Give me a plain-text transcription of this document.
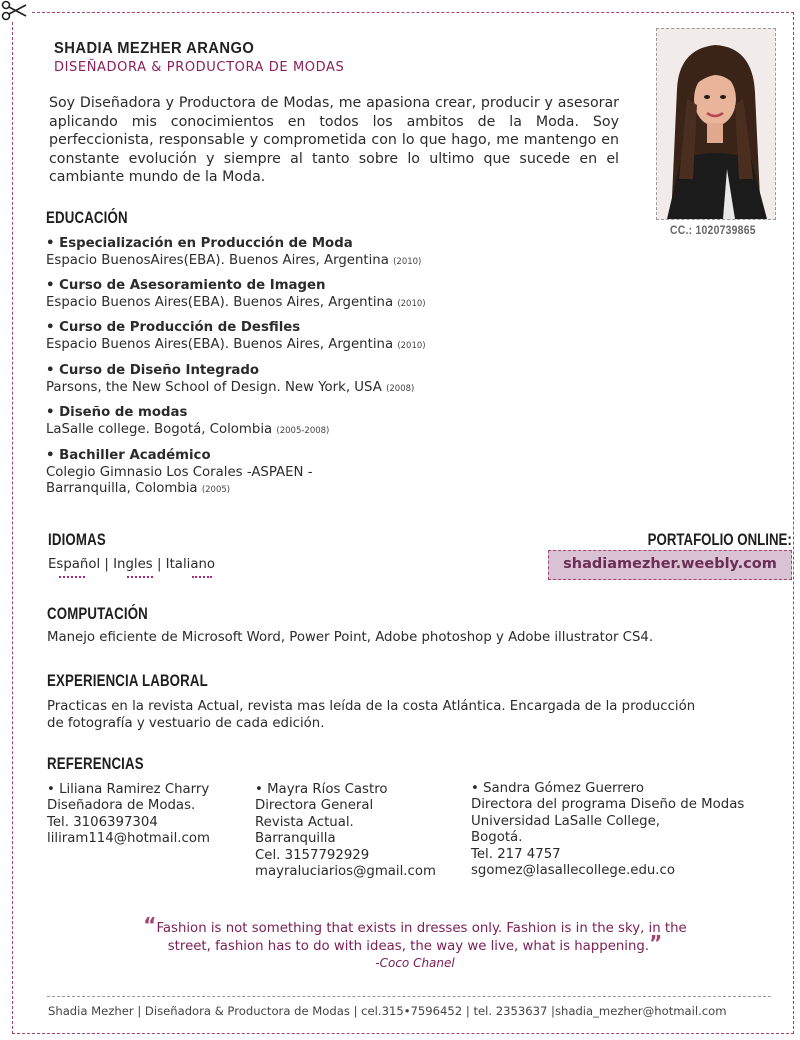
SHADIA MEZHER ARANGO
DISEÑADORA & PRODUCTORA DE MODAS
Soy Diseñadora y Productora de Modas, me apasiona crear, producir y asesorar aplicando mis conocimientos en todos los ambitos de la Moda. Soy perfeccionista, responsable y comprometida con lo que hago, me mantengo en constante evolución y siempre al tanto sobre lo ultimo que sucede en el cambiante mundo de la Moda.
CC.: 1020739865
EDUCACIÓN
• Especialización en Producción de Moda
Espacio BuenosAires(EBA). Buenos Aires, Argentina (2010)
• Curso de Asesoramiento de Imagen
Espacio Buenos Aires(EBA). Buenos Aires, Argentina (2010)
• Curso de Producción de Desfiles
Espacio Buenos Aires(EBA). Buenos Aires, Argentina (2010)
• Curso de Diseño Integrado
Parsons, the New School of Design. New York, USA (2008)
• Diseño de modas
LaSalle college. Bogotá, Colombia (2005-2008)
• Bachiller Académico
Colegio Gimnasio Los Corales -ASPAEN -
Barranquilla, Colombia (2005)
IDIOMAS
Español | Ingles | Italiano
PORTAFOLIO ONLINE:
shadiamezher.weebly.com
COMPUTACIÓN
Manejo eficiente de Microsoft Word, Power Point, Adobe photoshop y Adobe illustrator CS4.
EXPERIENCIA LABORAL
Practicas en la revista Actual, revista mas leída de la costa Atlántica. Encargada de la producción
de fotografía y vestuario de cada edición.
REFERENCIAS
• Liliana Ramirez Charry
Diseñadora de Modas.
Tel. 3106397304
liliram114@hotmail.com
• Mayra Ríos Castro
Directora General
Revista Actual.
Barranquilla
Cel. 3157792929
mayraluciarios@gmail.com
• Sandra Gómez Guerrero
Directora del programa Diseño de Modas
Universidad LaSalle College,
Bogotá.
Tel. 217 4757
sgomez@lasallecollege.edu.co
“Fashion is not something that exists in dresses only. Fashion is in the sky, in the
street, fashion has to do with ideas, the way we live, what is happening.”
-Coco Chanel
Shadia Mezher | Diseñadora & Productora de Modas | cel.315•7596452 | tel. 2353637 |shadia_mezher@hotmail.com
